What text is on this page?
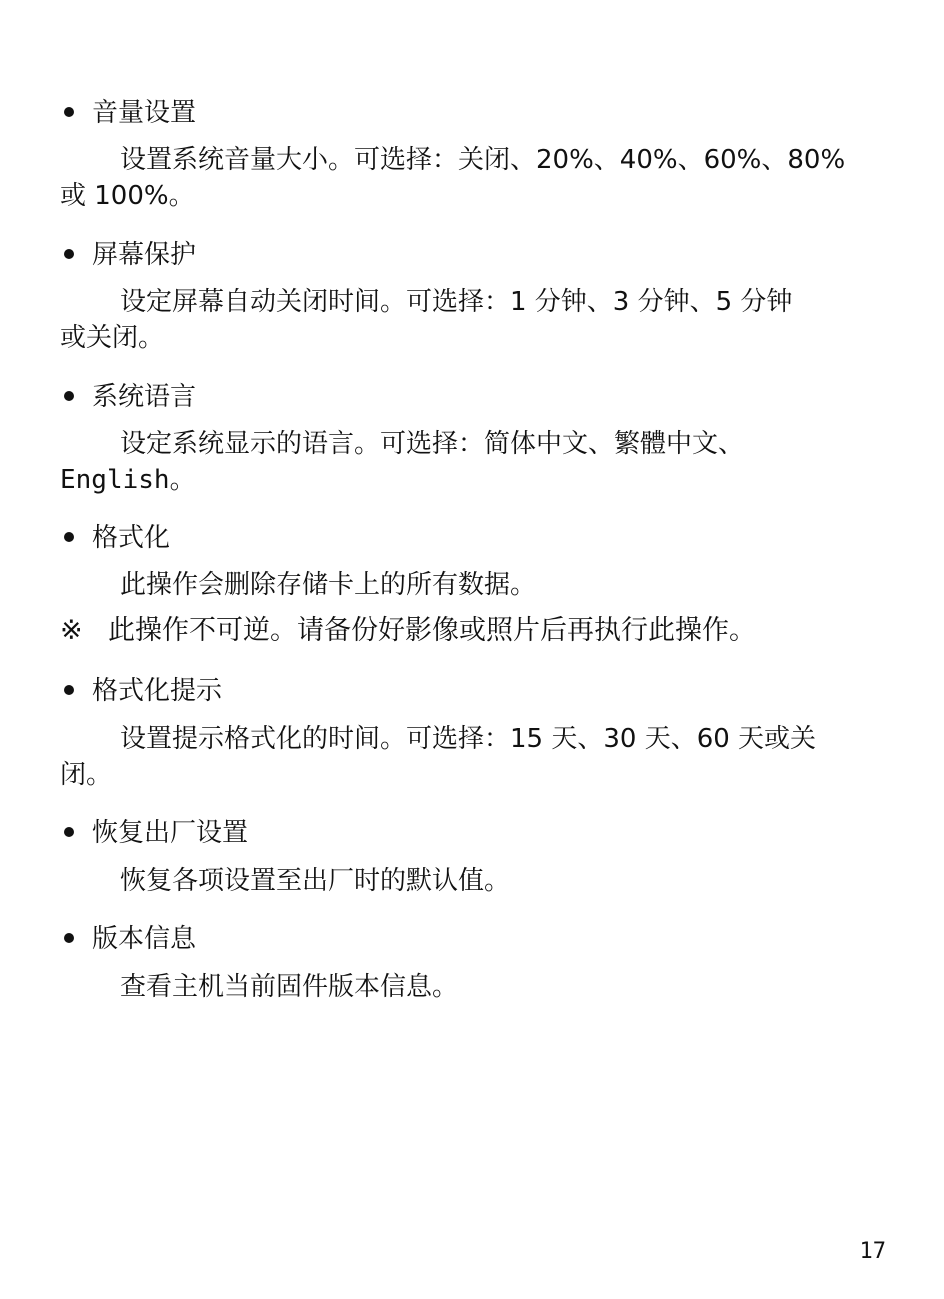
音量设置
设置系统音量大小。可选择：关闭、20%、40%、60%、80%
或 100%。
屏幕保护
设定屏幕自动关闭时间。可选择：1 分钟、3 分钟、5 分钟
或关闭。
系统语言
设定系统显示的语言。可选择：简体中文、繁體中文、
English。
格式化
此操作会删除存储卡上的所有数据。
※ 此操作不可逆。请备份好影像或照片后再执行此操作。
格式化提示
设置提示格式化的时间。可选择：15 天、30 天、60 天或关
闭。
恢复出厂设置
恢复各项设置至出厂时的默认值。
版本信息
查看主机当前固件版本信息。
17
